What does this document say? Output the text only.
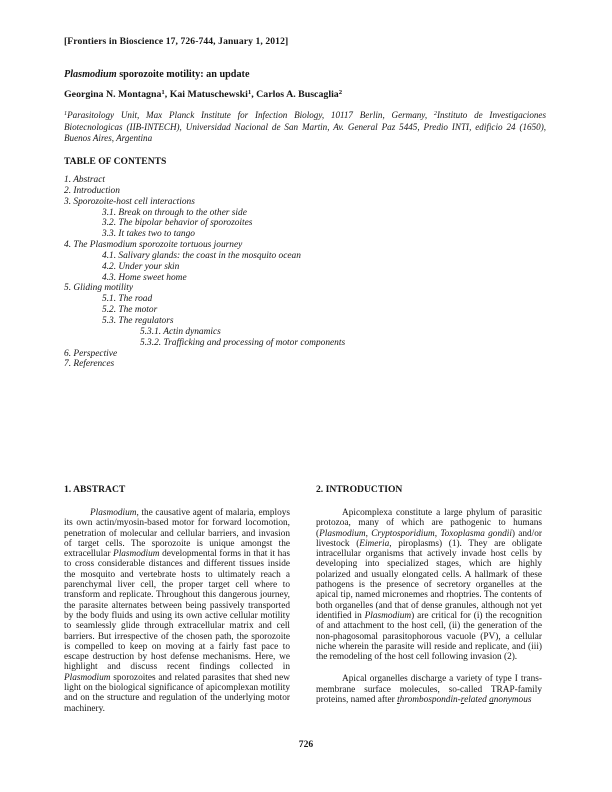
[Frontiers in Bioscience 17, 726-744, January 1, 2012]
Plasmodium sporozoite motility: an update
Georgina N. Montagna$^1$, Kai Matuschewski$^1$, Carlos A. Buscaglia$^2$
$^1$Parasitology Unit, Max Planck Institute for Infection Biology, 10117 Berlin, Germany, $^2$Instituto de Investigaciones Biotecnologicas (IIB-INTECH), Universidad Nacional de San Martin, Av. General Paz 5445, Predio INTI, edificio 24 (1650), Buenos Aires, Argentina
TABLE OF CONTENTS
1. Abstract
2. Introduction
3. Sporozoite-host cell interactions
3.1. Break on through to the other side
3.2. The bipolar behavior of sporozoites
3.3. It takes two to tango
4. The Plasmodium sporozoite tortuous journey
4.1. Salivary glands: the coast in the mosquito ocean
4.2. Under your skin
4.3. Home sweet home
5. Gliding motility
5.1. The road
5.2. The motor
5.3. The regulators
5.3.1. Actin dynamics
5.3.2. Trafficking and processing of motor components
6. Perspective
7. References
1. ABSTRACT

Plasmodium, the causative agent of malaria, employs its own actin/myosin-based motor for forward locomotion, penetration of molecular and cellular barriers, and invasion of target cells. The sporozoite is unique amongst the extracellular Plasmodium developmental forms in that it has to cross considerable distances and different tissues inside the mosquito and vertebrate hosts to ultimately reach a parenchymal liver cell, the proper target cell where to transform and replicate. Throughout this dangerous journey, the parasite alternates between being passively transported by the body fluids and using its own active cellular motility to seamlessly glide through extracellular matrix and cell barriers. But irrespective of the chosen path, the sporozoite is compelled to keep on moving at a fairly fast pace to escape destruction by host defense mechanisms. Here, we highlight and discuss recent findings collected in Plasmodium sporozoites and related parasites that shed new light on the biological significance of apicomplexan motility and on the structure and regulation of the underlying motor machinery.

2. INTRODUCTION

Apicomplexa constitute a large phylum of parasitic protozoa, many of which are pathogenic to humans (Plasmodium, Cryptosporidium, Toxoplasma gondii) and/or livestock (Eimeria, piroplasms) (1). They are obligate intracellular organisms that actively invade host cells by developing into specialized stages, which are highly polarized and usually elongated cells. A hallmark of these pathogens is the presence of secretory organelles at the apical tip, named micronemes and rhoptries. The contents of both organelles (and that of dense granules, although not yet identified in Plasmodium) are critical for (i) the recognition of and attachment to the host cell, (ii) the generation of the non-phagosomal parasitophorous vacuole (PV), a cellular niche wherein the parasite will reside and replicate, and (iii) the remodeling of the host cell following invasion (2).

Apical organelles discharge a variety of type I trans-membrane surface molecules, so-called TRAP-family proteins, named after thrombospondin-related anonymous

726
